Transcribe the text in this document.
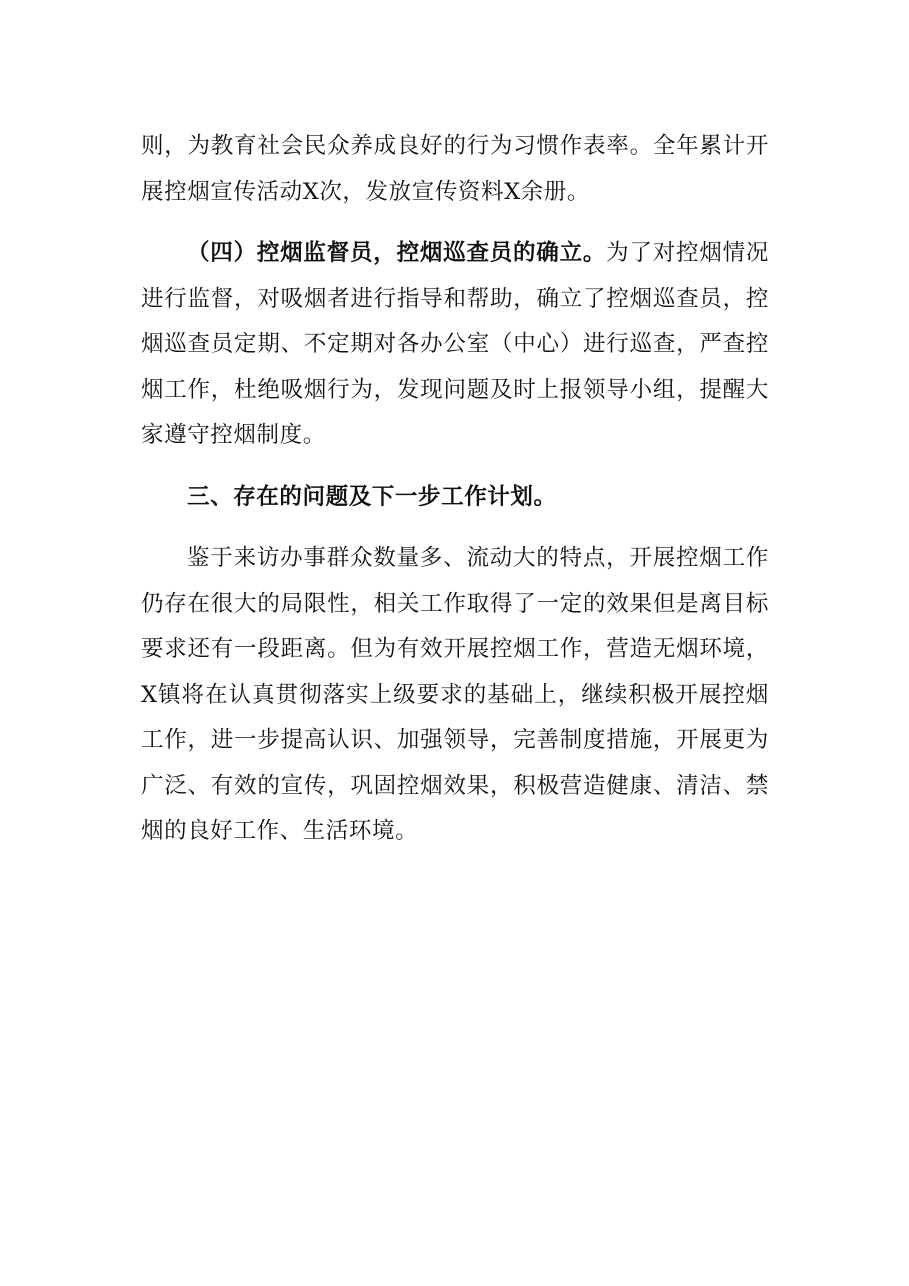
则，为教育社会民众养成良好的行为习惯作表率。全年累计开展控烟宣传活动X次，发放宣传资料X余册。

（四）控烟监督员，控烟巡查员的确立。为了对控烟情况进行监督，对吸烟者进行指导和帮助，确立了控烟巡查员，控烟巡查员定期、不定期对各办公室（中心）进行巡查，严查控烟工作，杜绝吸烟行为，发现问题及时上报领导小组，提醒大家遵守控烟制度。

三、存在的问题及下一步工作计划。

鉴于来访办事群众数量多、流动大的特点，开展控烟工作仍存在很大的局限性，相关工作取得了一定的效果但是离目标要求还有一段距离。但为有效开展控烟工作，营造无烟环境，X镇将在认真贯彻落实上级要求的基础上，继续积极开展控烟工作，进一步提高认识、加强领导，完善制度措施，开展更为广泛、有效的宣传，巩固控烟效果，积极营造健康、清洁、禁烟的良好工作、生活环境。
